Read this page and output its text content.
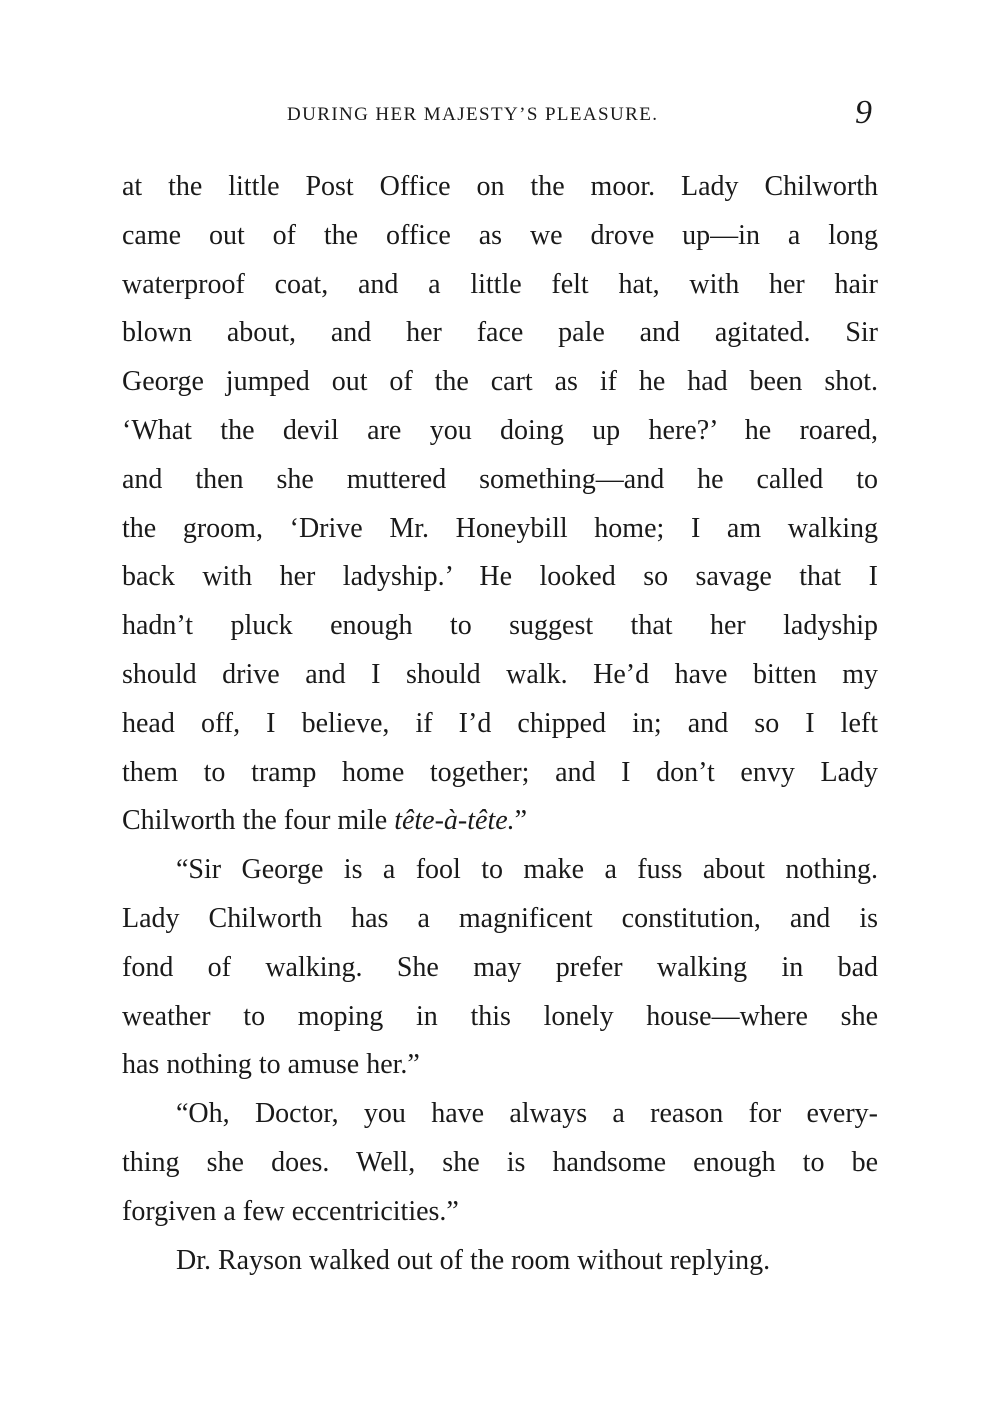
DURING HER MAJESTY’S PLEASURE.	9
at the little Post Office on the moor. Lady Chilworth
came out of the office as we drove up—in a long
waterproof coat, and a little felt hat, with her hair
blown about, and her face pale and agitated. Sir
George jumped out of the cart as if he had been shot.
‘What the devil are you doing up here?’ he roared,
and then she muttered something—and he called to
the groom, ‘Drive Mr. Honeybill home; I am walking
back with her ladyship.’ He looked so savage that I
hadn’t pluck enough to suggest that her ladyship
should drive and I should walk. He’d have bitten my
head off, I believe, if I’d chipped in; and so I left
them to tramp home together; and I don’t envy Lady
Chilworth the four mile tête-à-tête.”
“Sir George is a fool to make a fuss about nothing.
Lady Chilworth has a magnificent constitution, and is
fond of walking. She may prefer walking in bad
weather to moping in this lonely house—where she
has nothing to amuse her.”
“Oh, Doctor, you have always a reason for every-
thing she does. Well, she is handsome enough to be
forgiven a few eccentricities.”
Dr. Rayson walked out of the room without replying.
